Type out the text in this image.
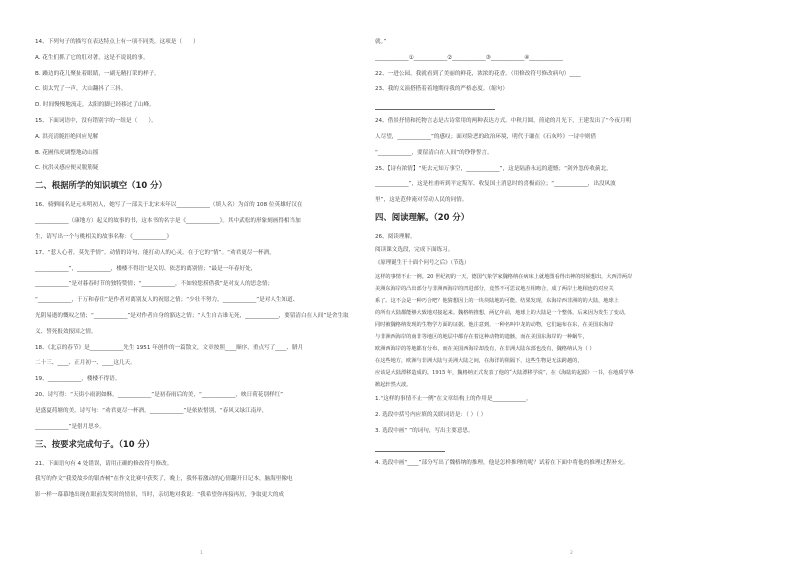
14、下列句子的描写在表达特点上有一项不同类，这项是（　　）
A. 花生们抓了它的肛对著，这是不说说的事。
B. 躁边的花儿聚扯着眼睛，一副无精打采的样子。
C. 街太咒了一声，大山翻抖了三抖。
D. 时间慢慢地流走，太阳的脚已经移过了山峰。
15、下面词语中，没有错别字的一组是（　　）。
A. 洪亮清脆拒绝回应见解
B. 花圃伟虎调整地动山摇
C. 抗洪灵感应便灵脱筋疑
二、根据所学的知识填空（10 分）
16、骑驷闻名是元末明初人，她写了一部关于北宋末年以____________（填人名）为首的 108 位英雄好汉在
____________（康地方）起义的故事的书，这本书的名字是《____________》。其中武松的形象刻画得相当加
生，请写出一个与桃相关的故事名称：《____________》
17、“惹人心者，莫先乎情”。动情的诗句，能打动人的心灵。在于它的“情”。“劝君更尽一杯酒，
____________”，____________，楼楼不得语”是关切、依恋的离别情；“最是一年春好处，
____________”是对暮春时节的独特赞情；“____________，不如较您捞借我”是对友人的思念情；
“____________，于万和春住”是作者对离别友人的祝愿之情；“少壮不努力，____________”是对人生知道、
光阴易逝的慨叹之情；“____________”是对作者自身的豁达之情；“人生自古谁无死，____________，要留清白在人间”是舍生取
义、誓死报效报国之情。
18、《北京的春节》是____________先生 1951 年创作的一篇散文，文章按照____顺序，重点写了____、腊月
二十三、____、正月初一、____这几天。
19、____________，楼楼不得语。
20、诗写得：“天街小雨润如酥，____________”是初春雨后的美，“____________，映日荷花别样红”
是盛夏荷塘的美。诗写句：“劝君更尽一杯酒，____________”是依依惜别，“春风又绿江南岸，
____________”是借月思乡。
三、按要求完成句子。（10 分）
21、下面语句有 4 处错误，请用正确的修改符号修改。
我写的作文“我爱故乡的银杏树”在作文比赛中获奖了，晚上，我怀着激动的心情翻开日记本，脑海里像电
影一样一幕幕地出现在眼前发奖时的情景，当时，亲切地对我说：“我希望你再接再厉，争取更大的成
就。”
____________①____________②____________③____________④____________
22、一进公园，我就看到了美丽的鲜花，浓浓的花香。（用修改符号修改病句）____
23、我的义演搭搭着着地期待我的严格态度。（缩句）
24、借景抒情和托物言志是古诗常用的两种表达方式。中秋月圆，煎途的月光下，王建发出了“今夜月明
人尽望，____________”的感叹；面对险恶的政治环境，明代于谦在《石灰吟》一诗中则借
“____________，要留清白在人间”的铮铮誓言。
25、【诗有浓情】“死去元知万事空，____________”，这是陆游永远的遗憾；“剑外忽传收蓟北，
____________”，这是杜甫听到平定叛军、收复国土消息时的喜极而泣；“____________，出没风波
里”，这是范仲淹对劳动人民的同情。
四、阅读理解。（20 分）
26、阅读理解。
阅读课文选段，完成下面练习。
《原理诞生于十面个问号之后》（节选）
这样的事情不止一例。20 世纪初的一天，德国气象学家魏格纳在病床上就地图看得出神的时候想出，大西洋两岸
美洲东海岸的凸出部分与非洲西海岸的凹进部分，竟然不可思议地互相吻合，成了两岸土地相连的对应关
系了。这不会是一种巧合吧？他猜想因上的一块块陆地的可能，结果发现，东海岸西非洲的的大陆，地球上
的所有大陆都能够大致地对接起来。魏格纳推想，两亿年前，地球上的大陆是一个整体，后来因为发生了变动，
同时被魏格纳发现的生物学方面的证据。他注意到，一种名叫中龙的动物，它们遍布在东，在美国东海岸
与非洲西海岸的南非等地区的地层中都存在着这种动物的遗骸，而在美国东海岸的一种蜗牛，
欧洲西海岸的等地都有分布，而在美国西海岸却没有，在非洲大陆东部也没有，魏格纳认为（ ）
在这些地方，欧洲与非洲大陆与美洲大陆之间，在海洋的阻隔下，这些生物是无法跨越的，
应该是大陆漂移造成的。1915 年，魏格纳正式发表了他的“大陆漂移学说”，在《海陆的起源》一书，在地质学界
掀起轩然大波。
1.“这样的事情不止一例”在文章结构上的作用是____________。
2. 选段中括号内应填的关联词语是：（ ）（ ）
3. 选段中画“ ”的词句，写出主要意思。
4. 选段中画“____”部分写出了魏格纳的推理，他是怎样推理的呢？试着在下面中将他的推理过程补充。
1	2
